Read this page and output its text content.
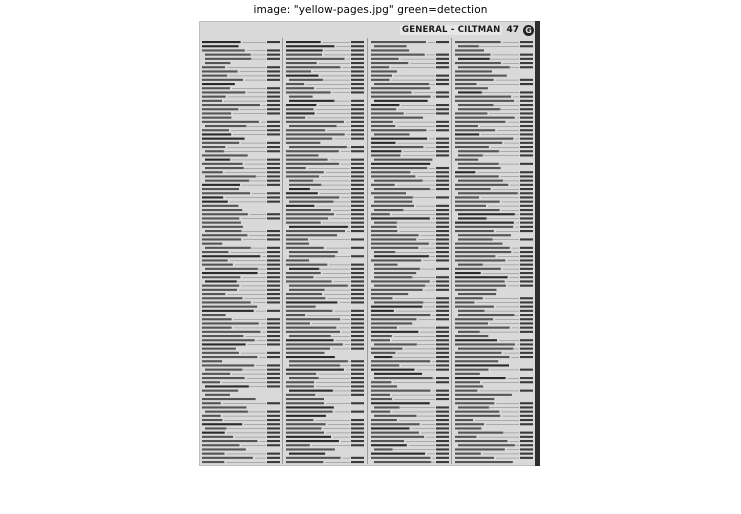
image: "yellow-pages.jpg" green=detection
GENERAL - CILTMAN 47 G
